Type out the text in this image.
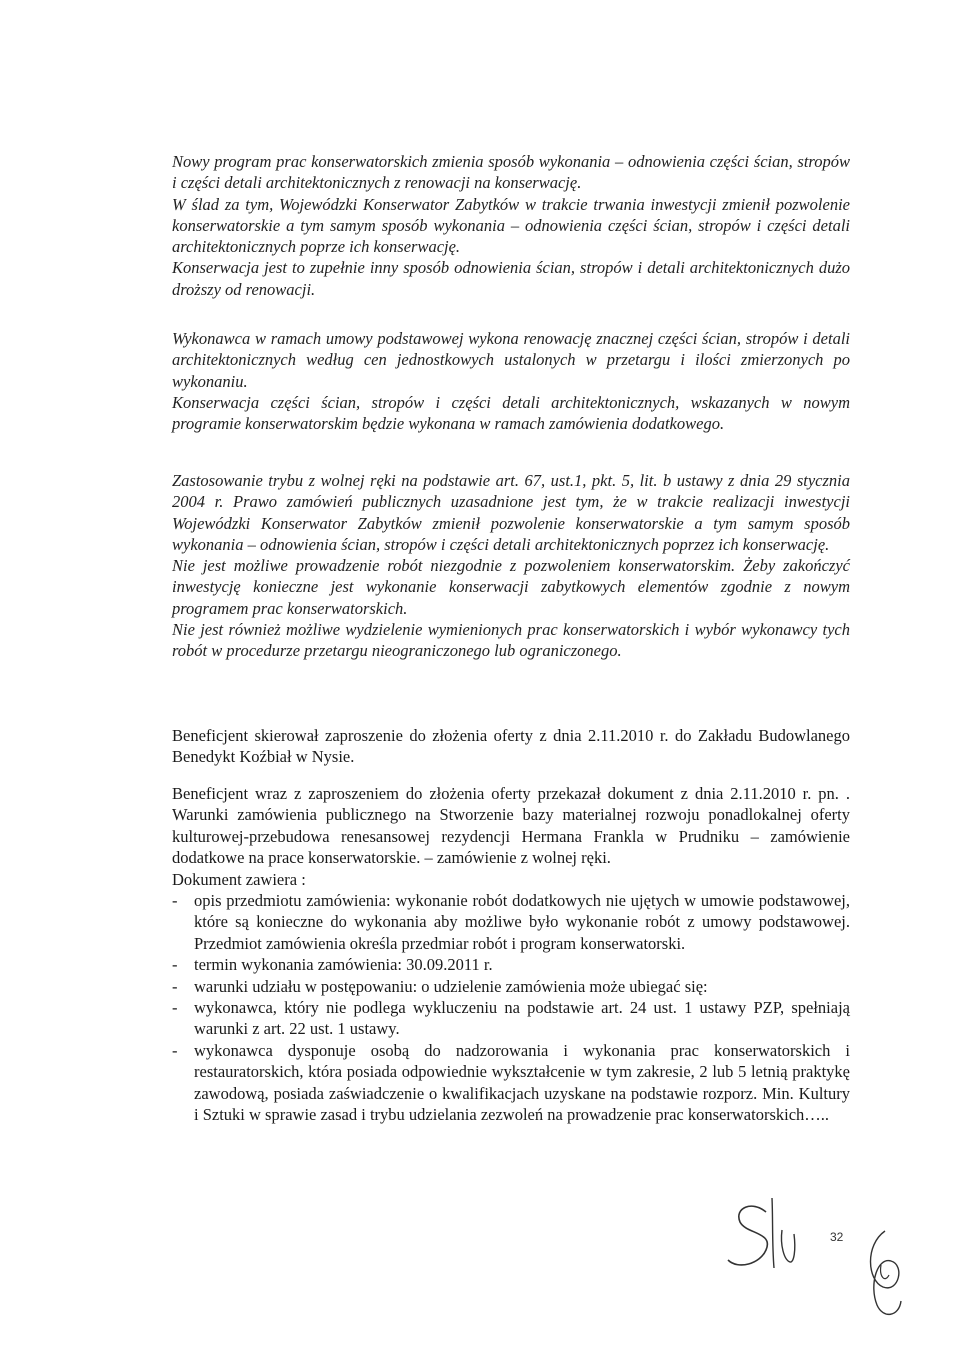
Nowy program prac konserwatorskich zmienia sposób wykonania – odnowienia części ścian, stropów i części detali architektonicznych z renowacji na konserwację.

W ślad za tym, Wojewódzki Konserwator Zabytków w trakcie trwania inwestycji zmienił pozwolenie konserwatorskie a tym samym sposób wykonania – odnowienia części ścian, stropów i części detali architektonicznych poprze ich konserwację.

Konserwacja jest to zupełnie inny sposób odnowienia ścian, stropów i detali architektonicznych dużo droższy od renowacji.

Wykonawca w ramach umowy podstawowej wykona renowację znacznej części ścian, stropów i detali architektonicznych według cen jednostkowych ustalonych w przetargu i ilości zmierzonych po wykonaniu.

Konserwacja części ścian, stropów i części detali architektonicznych, wskazanych w nowym programie konserwatorskim będzie wykonana w ramach zamówienia dodatkowego.

Zastosowanie trybu z wolnej ręki na podstawie art. 67, ust.1, pkt. 5, lit. b ustawy z dnia 29 stycznia 2004 r. Prawo zamówień publicznych uzasadnione jest tym, że w trakcie realizacji inwestycji Wojewódzki Konserwator Zabytków zmienił pozwolenie konserwatorskie a tym samym sposób wykonania – odnowienia ścian, stropów i części detali architektonicznych poprzez ich konserwację.

Nie jest możliwe prowadzenie robót niezgodnie z pozwoleniem konserwatorskim. Żeby zakończyć inwestycję konieczne jest wykonanie konserwacji zabytkowych elementów zgodnie z nowym programem prac konserwatorskich.

Nie jest również możliwe wydzielenie wymienionych prac konserwatorskich i wybór wykonawcy tych robót w procedurze przetargu nieograniczonego lub ograniczonego.

Beneficjent skierował zaproszenie do złożenia oferty z dnia 2.11.2010 r. do Zakładu Budowlanego Benedykt Koźbiał w Nysie.

Beneficjent wraz z zaproszeniem do złożenia oferty przekazał dokument z dnia 2.11.2010 r. pn. . Warunki zamówienia publicznego na Stworzenie bazy materialnej rozwoju ponadlokalnej oferty kulturowej-przebudowa renesansowej rezydencji Hermana Frankla w Prudniku – zamówienie dodatkowe na prace konserwatorskie. – zamówienie z wolnej ręki.

Dokument zawiera :

- opis przedmiotu zamówienia: wykonanie robót dodatkowych nie ujętych w umowie podstawowej, które są konieczne do wykonania aby możliwe było wykonanie robót z umowy podstawowej. Przedmiot zamówienia określa przedmiar robót i program konserwatorski.
- termin wykonania zamówienia: 30.09.2011 r.
- warunki udziału w postępowaniu: o udzielenie zamówienia może ubiegać się:
- wykonawca, który nie podlega wykluczeniu na podstawie art. 24 ust. 1 ustawy PZP, spełniają warunki z art. 22 ust. 1 ustawy.
- wykonawca dysponuje osobą do nadzorowania i wykonania prac konserwatorskich i restauratorskich, która posiada odpowiednie wykształcenie w tym zakresie, 2 lub 5 letnią praktykę zawodową, posiada zaświadczenie o kwalifikacjach uzyskane na podstawie rozporz. Min. Kultury i Sztuki w sprawie zasad i trybu udzielania zezwoleń na prowadzenie prac konserwatorskich…..
32
